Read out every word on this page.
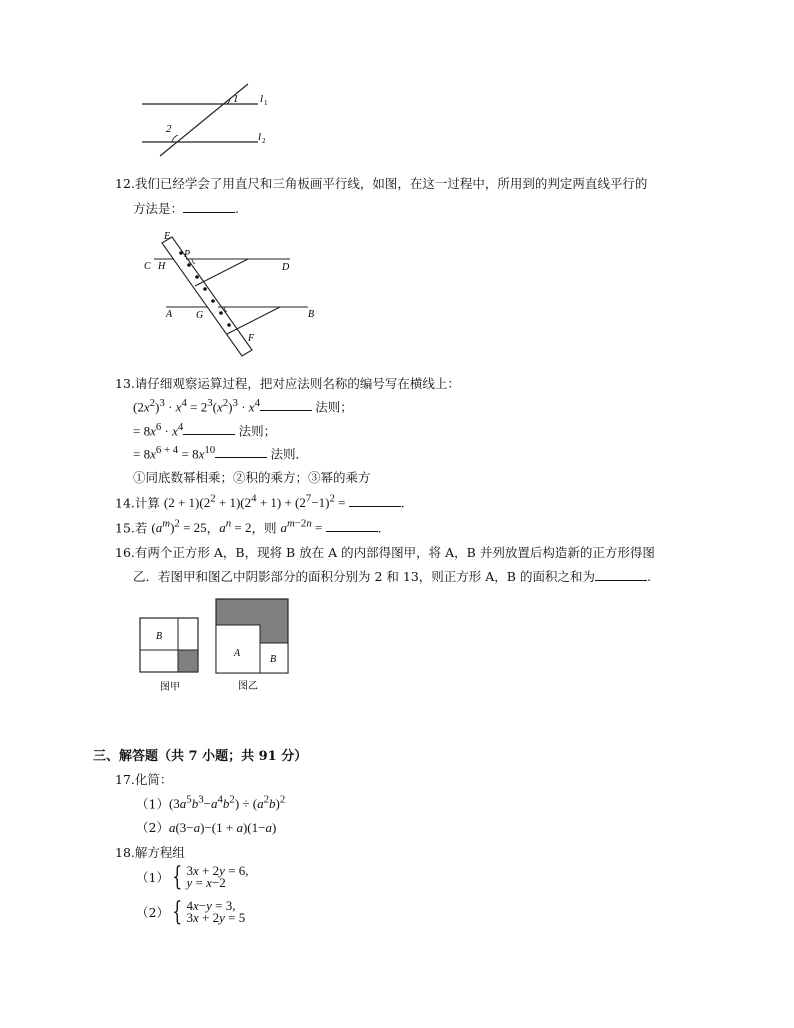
1
2
l 1
l 2
12.我们已经学会了用直尺和三角板画平行线，如图，在这一过程中，所用到的判定两直线平行的
方法是：	.
E
P
C H	D
A G	B
F
13.请仔细观察运算过程，把对应法则名称的编号写在横线上：
$(2x^2)^3 \cdot x^4 = 2^3(x^2)^3 \cdot x^4$	法则；
= $8x^6 \cdot x^4$	法则；
= $8x^{6 + 4} = 8x^{10}$	法则．
①同底数幂相乘；②积的乘方；③幂的乘方
14.计算 $(2 + 1)(2^2 + 1)(2^4 + 1) + (2^7-1)^2$ =	.
15.若 $(a^m)^2 = 25$，$a^n = 2$，则 $a^{m-2n}$ =	.
16.有两个正方形 A，B，现将 B 放在 A 的内部得图甲，将 A，B 并列放置后构造新的正方形得图
乙．若图甲和图乙中阴影部分的面积分别为 2 和 13，则正方形 A，B 的面积之和为	.
B
图甲
A
B
图乙
三、解答题（共 7 小题；共 91 分）
17.化简：
$(1)(3a^5b^3-a^4b^2) \div (a^2b)^2$
（2）a(3−a)−(1 + a)(1−a)
18.解方程组
（1） { 3x + 2y = 6,
y = x−2
（2） { 4x−y = 3,
3x + 2y = 5
